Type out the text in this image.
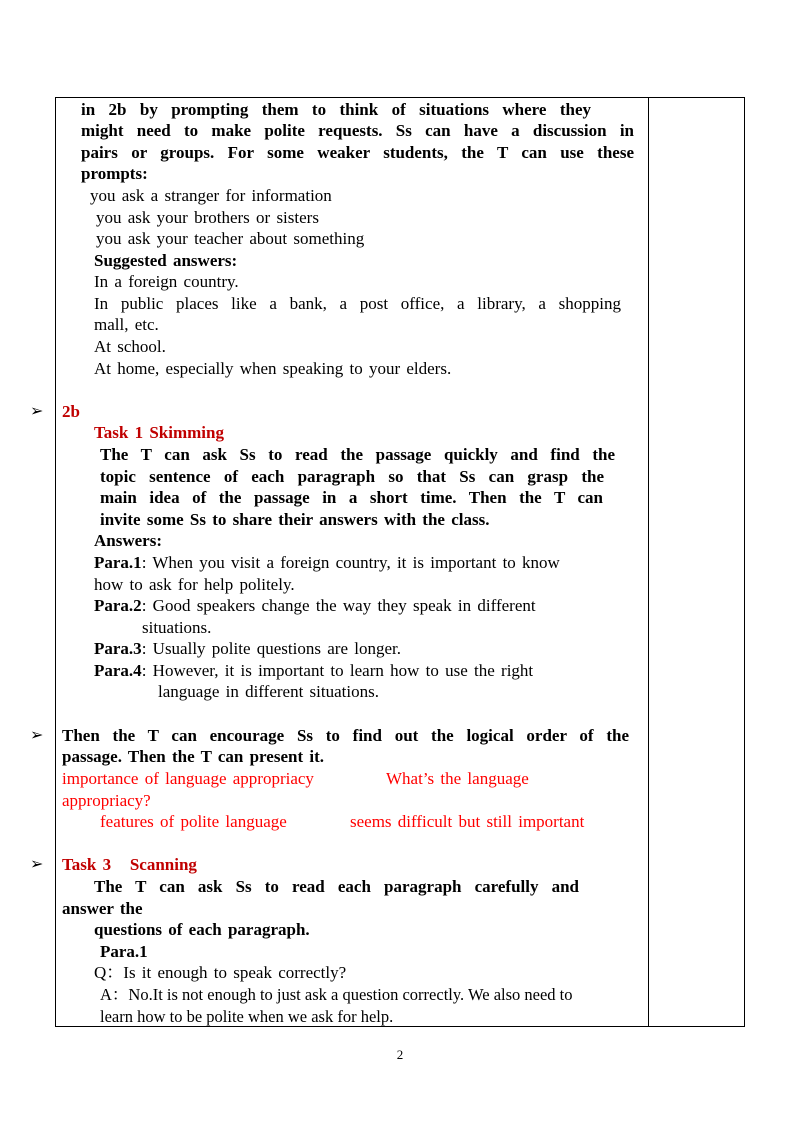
in 2b by prompting them to think of situations where they
might need to make polite requests. Ss can have a discussion in
pairs or groups. For some weaker students, the T can use these
prompts:
you ask a stranger for information
you ask your brothers or sisters
you ask your teacher about something
Suggested answers:
In a foreign country.
In public places like a bank, a post office, a library, a shopping
mall, etc.
At school.
At home, especially when speaking to your elders.
➢ 2b
Task 1 Skimming
The T can ask Ss to read the passage quickly and find the
topic sentence of each paragraph so that Ss can grasp the
main idea of the passage in a short time. Then the T can
invite some Ss to share their answers with the class.
Answers:
Para.1: When you visit a foreign country, it is important to know
how to ask for help politely.
Para.2: Good speakers change the way they speak in different
situations.
Para.3: Usually polite questions are longer.
Para.4: However, it is important to learn how to use the right
language in different situations.
➢ Then the T can encourage Ss to find out the logical order of the
passage. Then the T can present it.
importance of language appropriacy	What’s the language
appropriacy?
features of polite language	seems difficult but still important
➢ Task 3   Scanning
The T can ask Ss to read each paragraph carefully and
answer the
questions of each paragraph.
Para.1
Q：Is it enough to speak correctly?
A：No.It is not enough to just ask a question correctly. We also need to
learn how to be polite when we ask for help.
2
